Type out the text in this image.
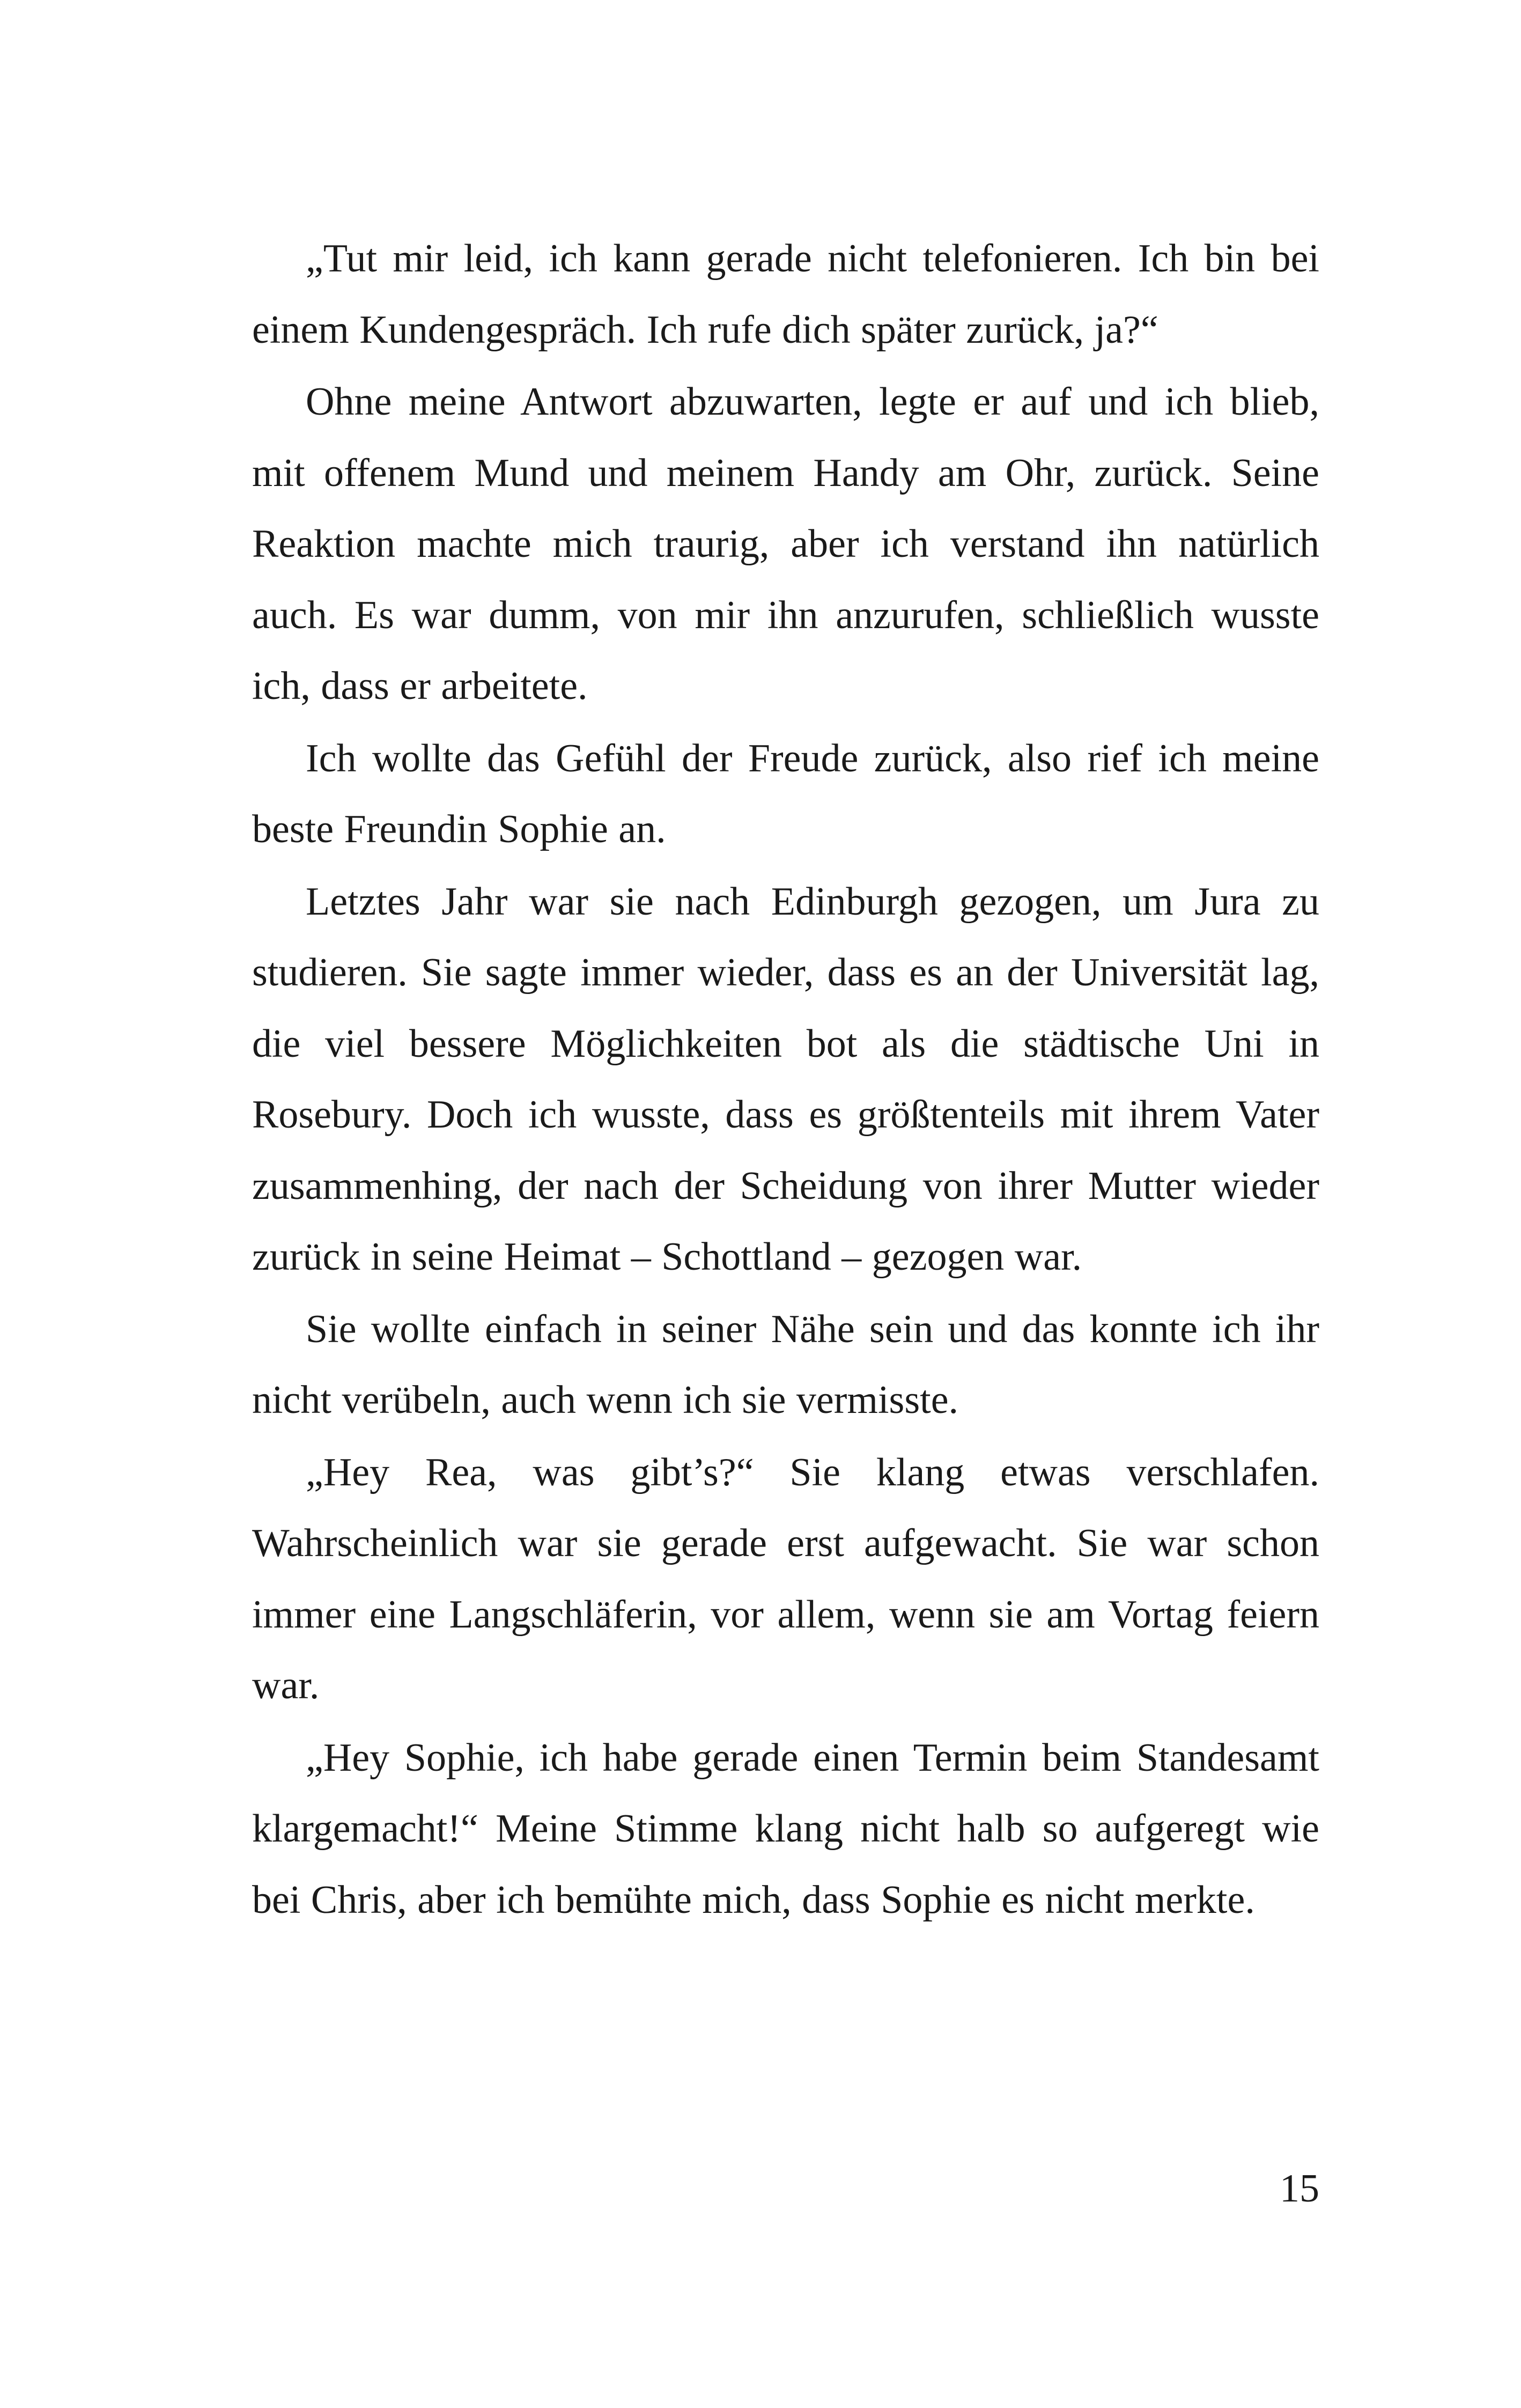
„Tut mir leid, ich kann gerade nicht telefonieren. Ich bin bei einem Kundengespräch. Ich rufe dich später zurück, ja?“

Ohne meine Antwort abzuwarten, legte er auf und ich blieb, mit offenem Mund und meinem Handy am Ohr, zurück. Seine Reaktion machte mich traurig, aber ich verstand ihn natürlich auch. Es war dumm, von mir ihn anzurufen, schließlich wusste ich, dass er arbeitete.

Ich wollte das Gefühl der Freude zurück, also rief ich meine beste Freundin Sophie an.

Letztes Jahr war sie nach Edinburgh gezogen, um Jura zu studieren. Sie sagte immer wieder, dass es an der Universität lag, die viel bessere Möglichkeiten bot als die städtische Uni in Rosebury. Doch ich wusste, dass es größtenteils mit ihrem Vater zusammenhing, der nach der Scheidung von ihrer Mutter wieder zurück in seine Heimat – Schottland – gezogen war.

Sie wollte einfach in seiner Nähe sein und das konnte ich ihr nicht verübeln, auch wenn ich sie vermisste.

„Hey Rea, was gibt’s?“ Sie klang etwas verschlafen. Wahrscheinlich war sie gerade erst aufgewacht. Sie war schon immer eine Langschläferin, vor allem, wenn sie am Vortag feiern war.

„Hey Sophie, ich habe gerade einen Termin beim Standesamt klargemacht!“ Meine Stimme klang nicht halb so aufgeregt wie bei Chris, aber ich bemühte mich, dass Sophie es nicht merkte.

15
